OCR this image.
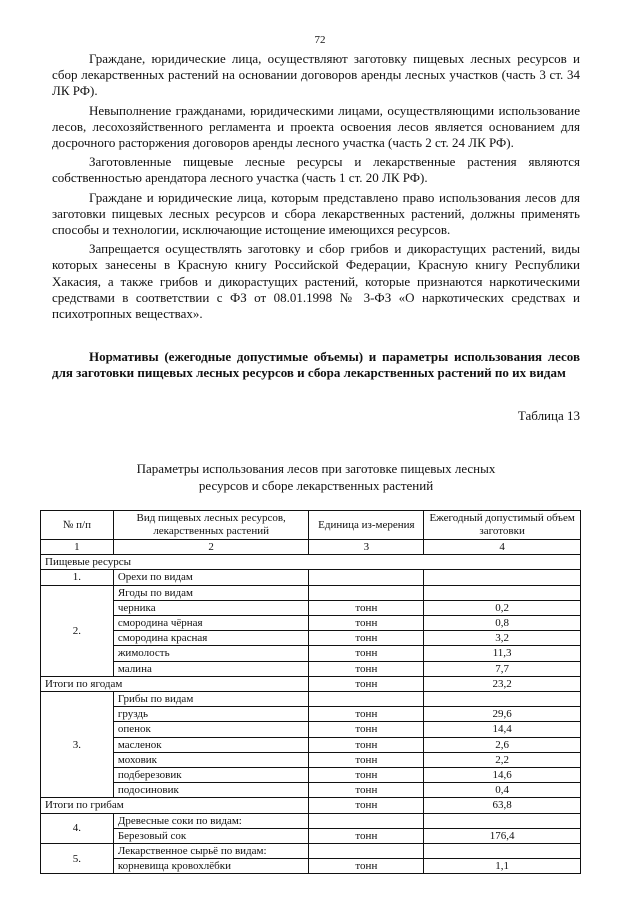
72

Граждане, юридические лица, осуществляют заготовку пищевых лесных ресурсов и сбор лекарственных растений на основании договоров аренды лесных участков (часть 3 ст. 34 ЛК РФ).

Невыполнение гражданами, юридическими лицами, осуществляющими использование лесов, лесохозяйственного регламента и проекта освоения лесов является основанием для досрочного расторжения договоров аренды лесного участка (часть 2 ст. 24 ЛК РФ).

Заготовленные пищевые лесные ресурсы и лекарственные растения являются собственностью арендатора лесного участка (часть 1 ст. 20 ЛК РФ).

Граждане и юридические лица, которым представлено право использования лесов для заготовки пищевых лесных ресурсов и сбора лекарственных растений, должны применять способы и технологии, исключающие истощение имеющихся ресурсов.

Запрещается осуществлять заготовку и сбор грибов и дикорастущих растений, виды которых занесены в Красную книгу Российской Федерации, Красную книгу Республики Хакасия, а также грибов и дикорастущих растений, которые признаются наркотическими средствами в соответствии с ФЗ от 08.01.1998 № 3-ФЗ «О наркотических средствах и психотропных веществах».

Нормативы (ежегодные допустимые объемы) и параметры использования лесов для заготовки пищевых лесных ресурсов и сбора лекарственных растений по их видам
Таблица 13
Параметры использования лесов при заготовке пищевых лесных
ресурсов и сборе лекарственных растений
№ п/п	Вид пищевых лесных ресурсов, лекарственных растений	Единица из-мерения	Ежегодный допустимый объем заготовки
1	2	3	4
Пищевые ресурсы			
1.	Орехи по видам		
2.	Ягоды по видам		
	черника	тонн	0,2
	смородина чёрная	тонн	0,8
	смородина красная	тонн	3,2
	жимолость	тонн	11,3
	малина	тонн	7,7
Итоги по ягодам		тонн	23,2
3.	Грибы по видам		
	груздь	тонн	29,6
	опенок	тонн	14,4
	масленок	тонн	2,6
	моховик	тонн	2,2
	подберезовик	тонн	14,6
	подосиновик	тонн	0,4
Итоги по грибам		тонн	63,8
4.	Древесные соки по видам:		
	Березовый сок	тонн	176,4
5.	Лекарственное сырьё по видам:		
	корневища кровохлёбки	тонн	1,1
